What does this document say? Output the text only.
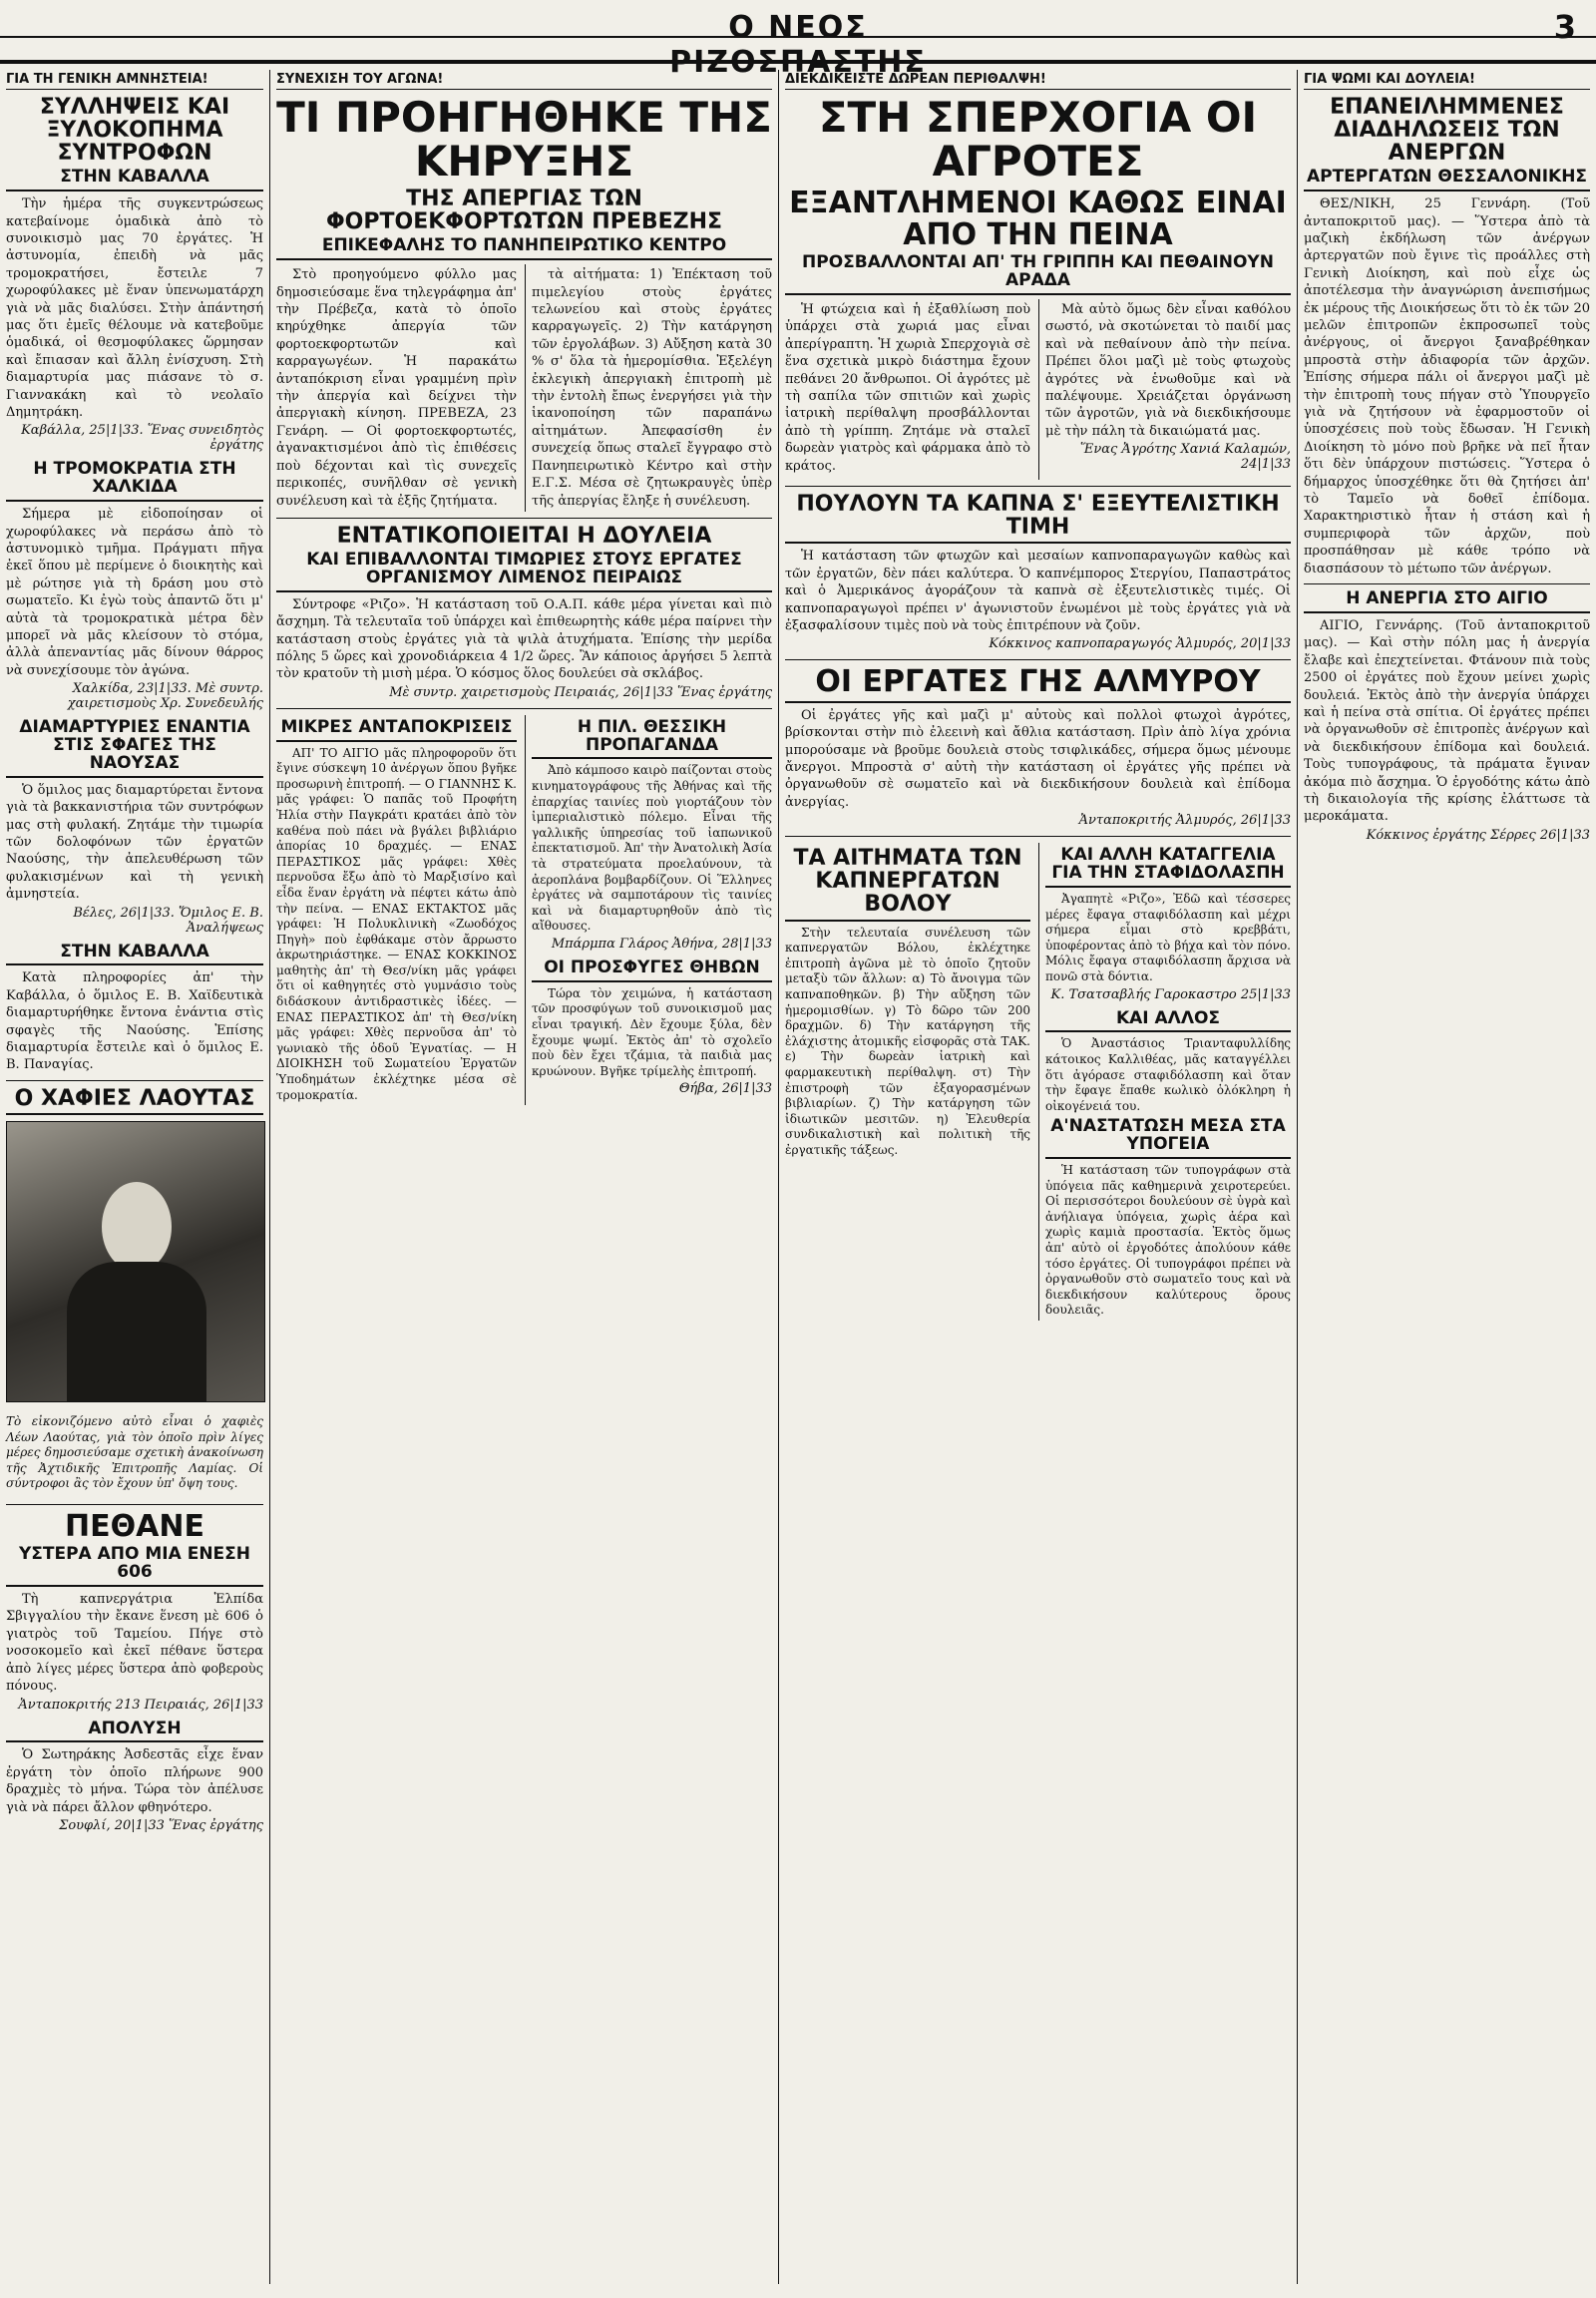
Ο ΝΕΟΣ ΡΙΖΟΣΠΑΣΤΗΣ
3
ΓΙΑ ΤΗ ΓΕΝΙΚΗ ΑΜΝΗΣΤΕΙΑ!
ΣΥΛΛΗΨΕΙΣ ΚΑΙ ΞΥΛΟΚΟΠΗΜΑ ΣΥΝΤΡΟΦΩΝ
ΣΤΗΝ ΚΑΒΑΛΛΑ

Τὴν ἡμέρα τῆς συγκεντρώσεως κατεβαίνομε ὁμαδικὰ ἀπὸ τὸ συνοικισμὸ μας 70 ἐργάτες. Ἡ ἀστυνομία, ἐπειδὴ νὰ μᾶς τρομοκρατήσει, ἔστειλε 7 χωροφύλακες μὲ ἕναν ὑπενωματάρχη γιὰ νὰ μᾶς διαλύσει. Στὴν ἀπάντησή μας ὅτι ἐμεῖς θέλουμε νὰ κατεβοῦμε ὁμαδικά, οἱ θεσμοφύλακες ὥρμησαν καὶ ἔπιασαν καὶ ἄλλη ἐνίσχυση. Στὴ διαμαρτυρία μας πιάσανε τὸ σ. Γιαννακάκη καὶ τὸ νεολαῖο Δημητράκη.

Καβάλλα, 25|1|33. Ἕνας συνειδητὸς ἐργάτης

Η ΤΡΟΜΟΚΡΑΤΙΑ ΣΤΗ ΧΑΛΚΙΔΑ

Σήμερα μὲ εἰδοποίησαν οἱ χωροφύλακες νὰ περάσω ἀπὸ τὸ ἀστυνομικὸ τμῆμα. Πράγματι πῆγα ἐκεῖ ὅπου μὲ περίμενε ὁ διοικητὴς καὶ μὲ ρώτησε γιὰ τὴ δράση μου στὸ σωματεῖο. Κι ἐγὼ τοὺς ἀπαντῶ ὅτι μ' αὐτὰ τὰ τρομοκρατικὰ μέτρα δὲν μπορεῖ νὰ μᾶς κλείσουν τὸ στόμα, ἀλλὰ ἀπεναντίας μᾶς δίνουν θάρρος νὰ συνεχίσουμε τὸν ἀγώνα.

Χαλκίδα, 23|1|33. Μὲ συντρ. χαιρετισμοὺς Χρ. Συνεδευλής

ΔΙΑΜΑΡΤΥΡΙΕΣ ΕΝΑΝΤΙΑ ΣΤΙΣ ΣΦΑΓΕΣ ΤΗΣ ΝΑΟΥΣΑΣ

Ὁ ὅμιλος μας διαμαρτύρεται ἔντονα γιὰ τὰ βακκανιστήρια τῶν συντρόφων μας στὴ φυλακή. Ζητάμε τὴν τιμωρία τῶν δολοφόνων τῶν ἐργατῶν Ναούσης, τὴν ἀπελευθέρωση τῶν φυλακισμένων καὶ τὴ γενικὴ ἀμνηστεία.

Βέλες, 26|1|33. Ὅμιλος Ε. Β. Ἀναλήψεως

ΣΤΗΝ ΚΑΒΑΛΛΑ

Κατὰ πληροφορίες ἀπ' τὴν Καβάλλα, ὁ ὅμιλος Ε. Β. Χαϊδευτικὰ διαμαρτυρήθηκε ἔντονα ἐνάντια στὶς σφαγὲς τῆς Ναούσης. Ἐπίσης διαμαρτυρία ἔστειλε καὶ ὁ ὅμιλος Ε. Β. Παναγίας.

Ο ΧΑΦΙΕΣ ΛΑΟΥΤΑΣ

Τὸ εἰκονιζόμενο αὐτὸ εἶναι ὁ χαφιὲς Λέων Λαούτας, γιὰ τὸν ὁποῖο πρὶν λίγες μέρες δημοσιεύσαμε σχετικὴ ἀνακοίνωση τῆς Ἀχτιδικῆς Ἐπιτροπῆς Λαμίας. Οἱ σύντροφοι ἂς τὸν ἔχουν ὑπ' ὄψη τους.

ΠΕΘΑΝΕ
ΥΣΤΕΡΑ ΑΠΟ ΜΙΑ ΕΝΕΣΗ 606

Τὴ καπνεργάτρια Ἑλπίδα Σβιγγαλίου τὴν ἔκανε ἕνεση μὲ 606 ὁ γιατρὸς τοῦ Ταμείου. Πήγε στὸ νοσοκομεῖο καὶ ἐκεῖ πέθανε ὕστερα ἀπὸ λίγες μέρες ὕστερα ἀπὸ φοβεροὺς πόνους.

Ἀνταποκριτής 213 Πειραιάς, 26|1|33

ΑΠΟΛΥΣΗ

Ὁ Σωτηράκης Ἀσδεστᾶς εἶχε ἕναν ἐργάτη τὸν ὁποῖο πλήρωνε 900 δραχμὲς τὸ μήνα. Τώρα τὸν ἀπέλυσε γιὰ νὰ πάρει ἄλλον φθηνότερο.

Σουφλί, 20|1|33 Ἕνας ἐργάτης

ΣΥΝΕΧΙΣΗ ΤΟΥ ΑΓΩΝΑ!
ΤΙ ΠΡΟΗΓΗΘΗΚΕ ΤΗΣ ΚΗΡΥΞΗΣ
ΤΗΣ ΑΠΕΡΓΙΑΣ ΤΩΝ ΦΟΡΤΟΕΚΦΟΡΤΩΤΩΝ ΠΡΕΒΕΖΗΣ
ΕΠΙΚΕΦΑΛΗΣ ΤΟ ΠΑΝΗΠΕΙΡΩΤΙΚΟ ΚΕΝΤΡΟ

Στὸ προηγούμενο φύλλο μας δημοσιεύσαμε ἕνα τηλεγράφημα ἀπ' τὴν Πρέβεζα, κατὰ τὸ ὁποῖο κηρύχθηκε ἀπεργία τῶν φορτοεκφορτωτῶν καὶ καρραγωγέων. Ἡ παρακάτω ἀνταπόκριση εἶναι γραμμένη πρὶν τὴν ἀπεργία καὶ δείχνει τὴν ἀπεργιακὴ κίνηση. ΠΡΕΒΕΖΑ, 23 Γενάρη. — Οἱ φορτοεκφορτωτές, ἀγανακτισμένοι ἀπὸ τὶς ἐπιθέσεις ποὺ δέχονται καὶ τὶς συνεχεῖς περικοπές, συνῆλθαν σὲ γενικὴ συνέλευση καὶ τὰ ἐξῆς ζητήματα.

τὰ αἰτήματα: 1) Ἐπέκταση τοῦ πιμελεγίου στοὺς ἐργάτες τελωνείου καὶ στοὺς ἐργάτες καρραγωγεῖς. 2) Τὴν κατάργηση τῶν ἐργολάβων. 3) Αὔξηση κατὰ 30 % σ' ὅλα τὰ ἡμερομίσθια. Ἐξελέγη ἐκλεγικὴ ἀπεργιακὴ ἐπιτροπὴ μὲ τὴν ἐντολὴ ἔπως ἐνεργήσει γιὰ τὴν ἱκανοποίηση τῶν παραπάνω αἰτημάτων. Ἀπεφασίσθη ἐν συνεχείᾳ ὅπως σταλεῖ ἔγγραφο στὸ Πανηπειρωτικὸ Κέντρο καὶ στὴν Ε.Γ.Σ. Μέσα σὲ ζητωκραυγὲς ὑπὲρ τῆς ἀπεργίας ἔληξε ἡ συνέλευση.

ΕΝΤΑΤΙΚΟΠΟΙΕΙΤΑΙ Η ΔΟΥΛΕΙΑ
ΚΑΙ ΕΠΙΒΑΛΛΟΝΤΑΙ ΤΙΜΩΡΙΕΣ ΣΤΟΥΣ ΕΡΓΑΤΕΣ ΟΡΓΑΝΙΣΜΟΥ ΛΙΜΕΝΟΣ ΠΕΙΡΑΙΩΣ

Σύντροφε «Ριζο». Ἡ κατάσταση τοῦ Ο.Α.Π. κάθε μέρα γίνεται καὶ πιὸ ἄσχημη. Τὰ τελευταῖα τοῦ ὑπάρχει καὶ ἐπιθεωρητὴς κάθε μέρα παίρνει τὴν κατάσταση στοὺς ἐργάτες γιὰ τὰ ψιλὰ ἀτυχήματα. Ἐπίσης τὴν μερίδα πόλης 5 ὥρες καὶ χρονοδιάρκεια 4 1/2 ὥρες. Ἂν κάπoιος ἀργήσει 5 λεπτὰ τὸν κρατοῦν τὴ μισὴ μέρα. Ὁ κόσμος ὅλος δουλεύει σὰ σκλάβος.

Μὲ συντρ. χαιρετισμοὺς Πειραιάς, 26|1|33 Ἕνας ἐργάτης

ΜΙΚΡΕΣ ΑΝΤΑΠΟΚΡΙΣΕΙΣ

ΑΠ' ΤΟ ΑΙΓΙΟ μᾶς πληροφοροῦν ὅτι ἔγινε σύσκεψη 10 ἀνέργων ὅπου βγῆκε προσωρινὴ ἐπιτροπή. — Ο ΓΙΑΝΝΗΣ Κ. μᾶς γράφει: Ὁ παπᾶς τοῦ Προφήτη Ἠλία στὴν Παγκράτι κρατάει ἀπὸ τὸν καθένα ποὺ πάει νὰ βγάλει βιβλιάριο ἀπορίας 10 δραχμές. — ΕΝΑΣ ΠΕΡΑΣΤΙΚΟΣ μᾶς γράφει: Χθὲς περνοῦσα ἔξω ἀπὸ τὸ Μαρξισίνο καὶ εἶδα ἕναν ἐργάτη νὰ πέφτει κάτω ἀπὸ τὴν πείνα. — ΕΝΑΣ ΕΚΤΑΚΤΟΣ μᾶς γράφει: Ἡ Πολυκλινικὴ «Ζωοδόχος Πηγὴ» ποὺ ἐφθάκαμε στὸν ἄρρωστο ἀκρωτηριάστηκε. — ΕΝΑΣ ΚΟΚΚΙΝΟΣ μαθητὴς ἀπ' τὴ Θεσ/νίκη μᾶς γράφει ὅτι οἱ καθηγητές στὸ γυμνάσιο τοὺς διδάσκουν ἀντιδραστικὲς ἰδέες. — ΕΝΑΣ ΠΕΡΑΣΤΙΚΟΣ ἀπ' τὴ Θεσ/νίκη μᾶς γράφει: Χθὲς περνοῦσα ἀπ' τὸ γωνιακὸ τῆς ὁδοῦ Ἐγνατίας. — Η ΔΙΟΙΚΗΣΗ τοῦ Σωματείου Ἐργατῶν Ὑποδημάτων ἐκλέχτηκε μέσα σὲ τρομοκρατία.

Η ΠΙΛ. ΘΕΣΣΙΚΗ ΠΡΟΠΑΓΑΝΔΑ

Ἀπὸ κάμποσο καιρὸ παίζονται στοὺς κινηματογράφους τῆς Ἀθήνας καὶ τῆς ἐπαρχίας ταινίες ποὺ γιορτάζουν τὸν ἰμπεριαλιστικὸ πόλεμο. Εἶναι τῆς γαλλικῆς ὑπηρεσίας τοῦ ἰαπωνικοῦ ἐπεκτατισμοῦ. Ἀπ' τὴν Ἀνατολικὴ Ἀσία τὰ στρατεύματα προελαύνουν, τὰ ἀεροπλάνα βομβαρδίζουν. Οἱ Ἕλληνες ἐργάτες νὰ σαμποτάρουν τὶς ταινίες καὶ νὰ διαμαρτυρηθοῦν ἀπὸ τὶς αἴθουσες.

Μπάρμπα Γλάρος Ἀθήνα, 28|1|33

ΟΙ ΠΡΟΣΦΥΓΕΣ ΘΗΒΩΝ

Τώρα τὸν χειμώνα, ἡ κατάσταση τῶν προσφύγων τοῦ συνοικισμοῦ μας εἶναι τραγική. Δὲν ἔχουμε ξύλα, δὲν ἔχουμε ψωμί. Ἐκτὸς ἀπ' τὸ σχολεῖο ποὺ δὲν ἔχει τζάμια, τὰ παιδιὰ μας κρυώνουν. Βγῆκε τρίμελὴς ἐπιτροπή.

Θήβα, 26|1|33

ΔΙΕΚΔΙΚΕΙΣΤΕ ΔΩΡΕΑΝ ΠΕΡΙΘΑΛΨΗ!
ΣΤΗ ΣΠΕΡΧΟΓΙΑ ΟΙ ΑΓΡΟΤΕΣ
ΕΞΑΝΤΛΗΜΕΝΟΙ ΚΑΘΩΣ ΕΙΝΑΙ ΑΠΟ ΤΗΝ ΠΕΙΝΑ
ΠΡΟΣΒΑΛΛΟΝΤΑΙ ΑΠ' ΤΗ ΓΡΙΠΠΗ ΚΑΙ ΠΕΘΑΙΝΟΥΝ ΑΡΑΔΑ

Ἡ φτώχεια καὶ ἡ ἐξαθλίωση ποὺ ὑπάρχει στὰ χωριά μας εἶναι ἀπερίγραπτη. Ἡ χωριὰ Σπερχογιὰ σὲ ἕνα σχετικὰ μικρὸ διάστημα ἔχουν πεθάνει 20 ἄνθρωποι. Οἱ ἀγρότες μὲ τὴ σαπίλα τῶν σπιτιῶν καὶ χωρὶς ἰατρικὴ περίθαλψη προσβάλλονται ἀπὸ τὴ γρίππη. Ζητάμε νὰ σταλεῖ δωρεὰν γιατρὸς καὶ φάρμακα ἀπὸ τὸ κράτος.

Μὰ αὐτὸ ὅμως δὲν εἶναι καθόλου σωστό, νὰ σκοτώνεται τὸ παιδί μας καὶ νὰ πεθαίνουν ἀπὸ τὴν πείνα. Πρέπει ὅλοι μαζὶ μὲ τοὺς φτωχοὺς ἀγρότες νὰ ἑνωθοῦμε καὶ νὰ παλέψουμε. Χρειάζεται ὀργάνωση τῶν ἀγροτῶν, γιὰ νὰ διεκδικήσουμε μὲ τὴν πάλη τὰ δικαιώματά μας.

Ἕνας Ἀγρότης Χανιά Καλαμών, 24|1|33

ΠΟΥΛΟΥΝ ΤΑ ΚΑΠΝΑ Σ' ΕΞΕΥΤΕΛΙΣΤΙΚΗ ΤΙΜΗ

Ἡ κατάσταση τῶν φτωχῶν καὶ μεσαίων καπνοπαραγωγῶν καθὼς καὶ τῶν ἐργατῶν, δὲν πάει καλύτερα. Ὁ καπνέμπορος Στεργίου, Παπαστράτος καὶ ὁ Ἀμερικάνος ἀγοράζουν τὰ καπνὰ σὲ ἐξευτελιστικὲς τιμές. Οἱ καπνοπαραγωγοὶ πρέπει ν' ἀγωνιστοῦν ἑνωμένοι μὲ τοὺς ἐργάτες γιὰ νὰ ἐξασφαλίσουν τιμὲς ποὺ νὰ τοὺς ἐπιτρέπουν νὰ ζοῦν.

Κόκκινος καπνοπαραγωγός Ἀλμυρός, 20|1|33

ΟΙ ΕΡΓΑΤΕΣ ΓΗΣ ΑΛΜΥΡΟΥ

Οἱ ἐργάτες γῆς καὶ μαζὶ μ' αὐτοὺς καὶ πολλοὶ φτωχοὶ ἀγρότες, βρίσκονται στὴν πιὸ ἐλεεινὴ καὶ ἄθλια κατάσταση. Πρὶν ἀπὸ λίγα χρόνια μπορούσαμε νὰ βροῦμε δουλειὰ στοὺς τσιφλικάδες, σήμερα ὅμως μένουμε ἄνεργοι. Μπροστὰ σ' αὐτὴ τὴν κατάσταση οἱ ἐργάτες γῆς πρέπει νὰ ὀργανωθοῦν σὲ σωματεῖο καὶ νὰ διεκδικήσουν δουλειὰ καὶ ἐπίδομα ἀνεργίας.

Ἀνταποκριτής Ἀλμυρός, 26|1|33

ΤΑ ΑΙΤΗΜΑΤΑ ΤΩΝ ΚΑΠΝΕΡΓΑΤΩΝ ΒΟΛΟΥ

Στὴν τελευταία συνέλευση τῶν καπνεργατῶν Βόλου, ἐκλέχτηκε ἐπιτροπὴ ἀγῶνα μὲ τὸ ὁποῖο ζητοῦν μεταξὺ τῶν ἄλλων: α) Τὸ ἄνοιγμα τῶν καπναποθηκῶν. β) Τὴν αὔξηση τῶν ἡμερομισθίων. γ) Τὸ δῶρο τῶν 200 δραχμῶν. δ) Τὴν κατάργηση τῆς ἐλάχιστης ἀτομικῆς εἰσφορᾶς στὰ ΤΑΚ. ε) Τὴν δωρεὰν ἰατρικὴ καὶ φαρμακευτικὴ περίθαλψη. στ) Τὴν ἐπιστροφὴ τῶν ἐξαγορασμένων βιβλιαρίων. ζ) Τὴν κατάργηση τῶν ἰδιωτικῶν μεσιτῶν. η) Ἐλευθερία συνδικαλιστικὴ καὶ πολιτικὴ τῆς ἐργατικῆς τάξεως.

ΚΑΙ ΑΛΛΗ ΚΑΤΑΓΓΕΛΙΑ ΓΙΑ ΤΗΝ ΣΤΑΦΙΔΟΛΑΣΠΗ

Ἀγαπητὲ «Ριζο», Ἐδῶ καὶ τέσσερες μέρες ἔφαγα σταφιδόλασπη καὶ μέχρι σήμερα εἶμαι στὸ κρεββάτι, ὑποφέροντας ἀπὸ τὸ βήχα καὶ τὸν πόνο. Μόλις ἔφαγα σταφιδόλασπη ἄρχισα νὰ πονῶ στὰ δόντια.

Κ. Τσατσαβλής Γαροκαστρο 25|1|33

ΚΑΙ ΑΛΛΟΣ

Ὁ Ἀναστάσιος Τριανταφυλλίδης κάτοικος Καλλιθέας, μᾶς καταγγέλλει ὅτι ἀγόρασε σταφιδόλασπη καὶ ὅταν τὴν ἔφαγε ἔπαθε κωλικὸ ὁλόκληρη ἡ οἰκογένειά του.

Α'ΝΑΣΤΑΤΩΣΗ ΜΕΣΑ ΣΤΑ ΥΠΟΓΕΙΑ

Ἡ κατάσταση τῶν τυπογράφων στὰ ὑπόγεια πᾶς καθημερινὰ χειροτερεύει. Οἱ περισσότεροι δουλεύουν σὲ ὑγρὰ καὶ ἀνήλιαγα ὑπόγεια, χωρὶς ἀέρα καὶ χωρὶς καμιὰ προστασία. Ἐκτὸς ὅμως ἀπ' αὐτὸ οἱ ἐργοδότες ἀπολύουν κάθε τόσο ἐργάτες. Οἱ τυπογράφοι πρέπει νὰ ὀργανωθοῦν στὸ σωματεῖο τους καὶ νὰ διεκδικήσουν καλύτερους ὅρους δουλειᾶς.

ΓΙΑ ΨΩΜΙ ΚΑΙ ΔΟΥΛΕΙΑ!
ΕΠΑΝΕΙΛΗΜΜΕΝΕΣ ΔΙΑΔΗΛΩΣΕΙΣ ΤΩΝ ΑΝΕΡΓΩΝ
ΑΡΤΕΡΓΑΤΩΝ ΘΕΣΣΑΛΟΝΙΚΗΣ

ΘΕΣ/ΝΙΚΗ, 25 Γεννάρη. (Τοῦ ἀνταποκριτοῦ μας). — Ὕστερα ἀπὸ τὰ μαζικὴ ἐκδήλωση τῶν ἀνέργων ἀρτεργατῶν ποὺ ἔγινε τὶς προάλλες στὴ Γενικὴ Διοίκηση, καὶ ποὺ εἶχε ὡς ἀποτέλεσμα τὴν ἀναγνώριση ἀνεπισήμως ἐκ μέρους τῆς Διοικήσεως ὅτι τὸ ἐκ τῶν 20 μελῶν ἐπιτροπῶν ἐκπροσωπεῖ τοὺς ἀνέργους, οἱ ἄνεργοι ξαναβρέθηκαν μπροστὰ στὴν ἀδιαφορία τῶν ἀρχῶν. Ἐπίσης σήμερα πάλι οἱ ἄνεργοι μαζὶ μὲ τὴν ἐπιτροπὴ τους πήγαν στὸ Ὑπουργεῖο γιὰ νὰ ζητήσουν νὰ ἐφαρμοστοῦν οἱ ὑποσχέσεις ποὺ τοὺς ἔδωσαν. Ἡ Γενικὴ Διοίκηση τὸ μόνο ποὺ βρῆκε νὰ πεῖ ἦταν ὅτι δὲν ὑπάρχουν πιστώσεις. Ὕστερα ὁ δήμαρχος ὑποσχέθηκε ὅτι θὰ ζητήσει ἀπ' τὸ Ταμεῖο νὰ δοθεῖ ἐπίδομα. Χαρακτηριστικὸ ἦταν ἡ στάση καὶ ἡ συμπεριφορὰ τῶν ἀρχῶν, ποὺ προσπάθησαν μὲ κάθε τρόπο νὰ διασπάσουν τὸ μέτωπο τῶν ἀνέργων.

Η ΑΝΕΡΓΙΑ ΣΤΟ ΑΙΓΙΟ

ΑΙΓΙΟ, Γεννάρης. (Τοῦ ἀνταποκριτοῦ μας). — Καὶ στὴν πόλη μας ἡ ἀνεργία ἔλαβε καὶ ἐπεχτείνεται. Φτάνουν πιὰ τοὺς 2500 οἱ ἐργάτες ποὺ ἔχουν μείνει χωρὶς δουλειά. Ἐκτὸς ἀπὸ τὴν ἀνεργία ὑπάρχει καὶ ἡ πείνα στὰ σπίτια. Οἱ ἐργάτες πρέπει νὰ ὀργανωθοῦν σὲ ἐπιτροπὲς ἀνέργων καὶ νὰ διεκδικήσουν ἐπίδομα καὶ δουλειά. Τοὺς τυπογράφους, τὰ πράματα ἔγιναν ἀκόμα πιὸ ἄσχημα. Ὁ ἐργοδότης κάτω ἀπὸ τὴ δικαιολογία τῆς κρίσης ἐλάττωσε τὰ μεροκάματα.

Κόκκινος ἐργάτης Σέρρες 26|1|33
